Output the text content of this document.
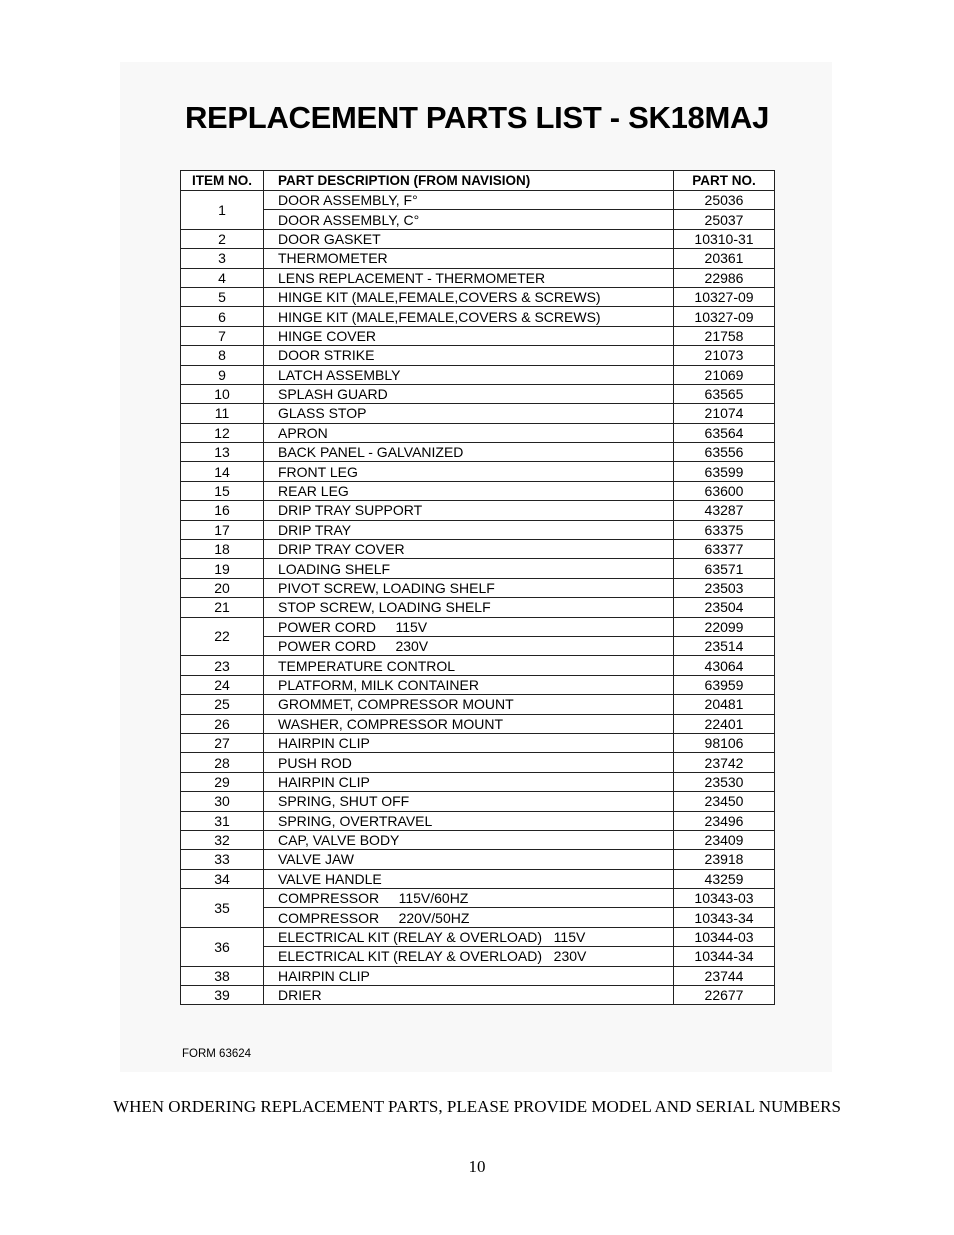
REPLACEMENT PARTS LIST - SK18MAJ
ITEM NO.	PART DESCRIPTION (FROM NAVISION)	PART NO.
1	DOOR ASSEMBLY, F°	25036
	DOOR ASSEMBLY, C°	25037
2	DOOR GASKET	10310-31
3	THERMOMETER	20361
4	LENS REPLACEMENT - THERMOMETER	22986
5	HINGE KIT (MALE,FEMALE,COVERS & SCREWS)	10327-09
6	HINGE KIT (MALE,FEMALE,COVERS & SCREWS)	10327-09
7	HINGE COVER	21758
8	DOOR STRIKE	21073
9	LATCH ASSEMBLY	21069
10	SPLASH GUARD	63565
11	GLASS STOP	21074
12	APRON	63564
13	BACK PANEL - GALVANIZED	63556
14	FRONT LEG	63599
15	REAR LEG	63600
16	DRIP TRAY SUPPORT	43287
17	DRIP TRAY	63375
18	DRIP TRAY COVER	63377
19	LOADING SHELF	63571
20	PIVOT SCREW, LOADING SHELF	23503
21	STOP SCREW, LOADING SHELF	23504
22	POWER CORD     115V	22099
	POWER CORD     230V	23514
23	TEMPERATURE CONTROL	43064
24	PLATFORM, MILK CONTAINER	63959
25	GROMMET, COMPRESSOR MOUNT	20481
26	WASHER, COMPRESSOR MOUNT	22401
27	HAIRPIN CLIP	98106
28	PUSH ROD	23742
29	HAIRPIN CLIP	23530
30	SPRING, SHUT OFF	23450
31	SPRING, OVERTRAVEL	23496
32	CAP, VALVE BODY	23409
33	VALVE JAW	23918
34	VALVE HANDLE	43259
35	COMPRESSOR     115V/60HZ	10343-03
	COMPRESSOR     220V/50HZ	10343-34
36	ELECTRICAL KIT (RELAY & OVERLOAD)   115V	10344-03
	ELECTRICAL KIT (RELAY & OVERLOAD)   230V	10344-34
38	HAIRPIN CLIP	23744
39	DRIER	22677
FORM 63624
WHEN ORDERING REPLACEMENT PARTS, PLEASE PROVIDE MODEL AND SERIAL NUMBERS
10
